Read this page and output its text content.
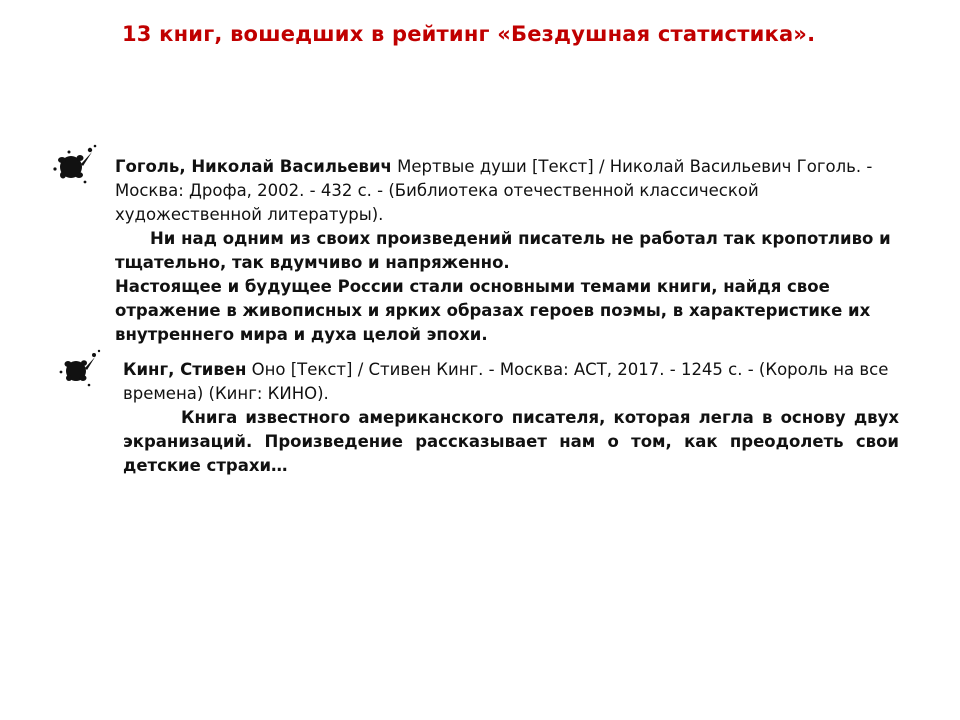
13 книг, вошедших в рейтинг «Бездушная статистика».
Гоголь, Николай Васильевич Мертвые души [Текст] / Николай Васильевич Гоголь. - Москва: Дрофа, 2002. - 432 с. - (Библиотека отечественной классической художественной литературы).

Ни над одним из своих произведений писатель не работал так кропотливо и тщательно, так вдумчиво и напряженно.

Настоящее и будущее России стали основными темами книги, найдя свое отражение в живописных и ярких образах героев поэмы, в характеристике их внутреннего мира и духа целой эпохи.

Кинг, Стивен Оно [Текст] / Стивен Кинг. - Москва: АСТ, 2017. - 1245 с. - (Король на все времена) (Кинг: КИНО).

Книга известного американского писателя, которая легла в основу двух экранизаций. Произведение рассказывает нам о том, как преодолеть свои детские страхи…
